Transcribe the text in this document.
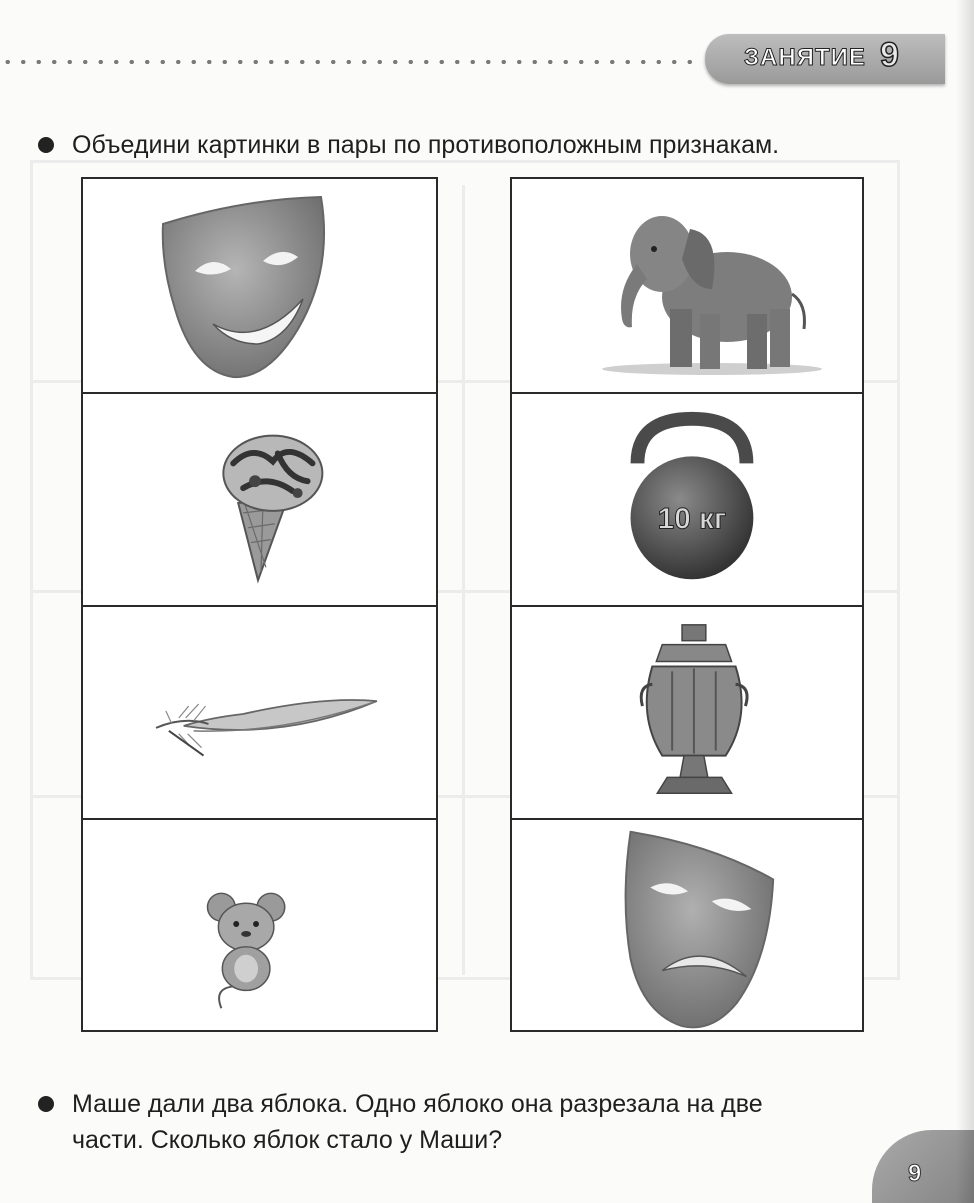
ЗАНЯТИЕ 9
Объедини картинки в пары по противоположным признакам.
10 кг
Маше дали два яблока. Одно яблоко она разрезала на две
части. Сколько яблок стало у Маши?
9
